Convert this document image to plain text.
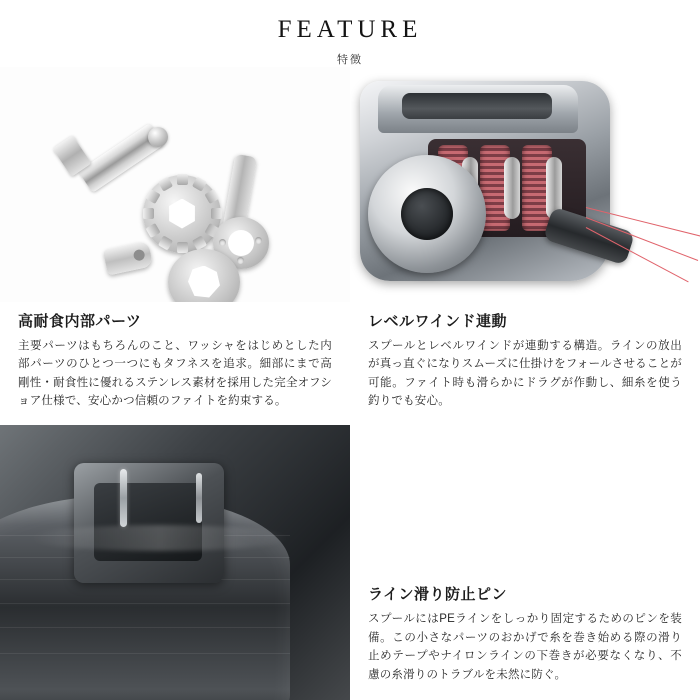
FEATURE
特徴
高耐食内部パーツ
主要パーツはもちろんのこと、ワッシャをはじめとした内部パーツのひとつ一つにもタフネスを追求。細部にまで高剛性・耐食性に優れるステンレス素材を採用した完全オフショア仕様で、安心かつ信頼のファイトを約束する。
レベルワインド連動
スプールとレベルワインドが連動する構造。ラインの放出が真っ直ぐになりスムーズに仕掛けをフォールさせることが可能。ファイト時も滑らかにドラグが作動し、細糸を使う釣りでも安心。
ライン滑り防止ピン
スプールにはPEラインをしっかり固定するためのピンを装備。この小さなパーツのおかげで糸を巻き始める際の滑り止めテープやナイロンラインの下巻きが必要なくなり、不慮の糸滑りのトラブルを未然に防ぐ。
